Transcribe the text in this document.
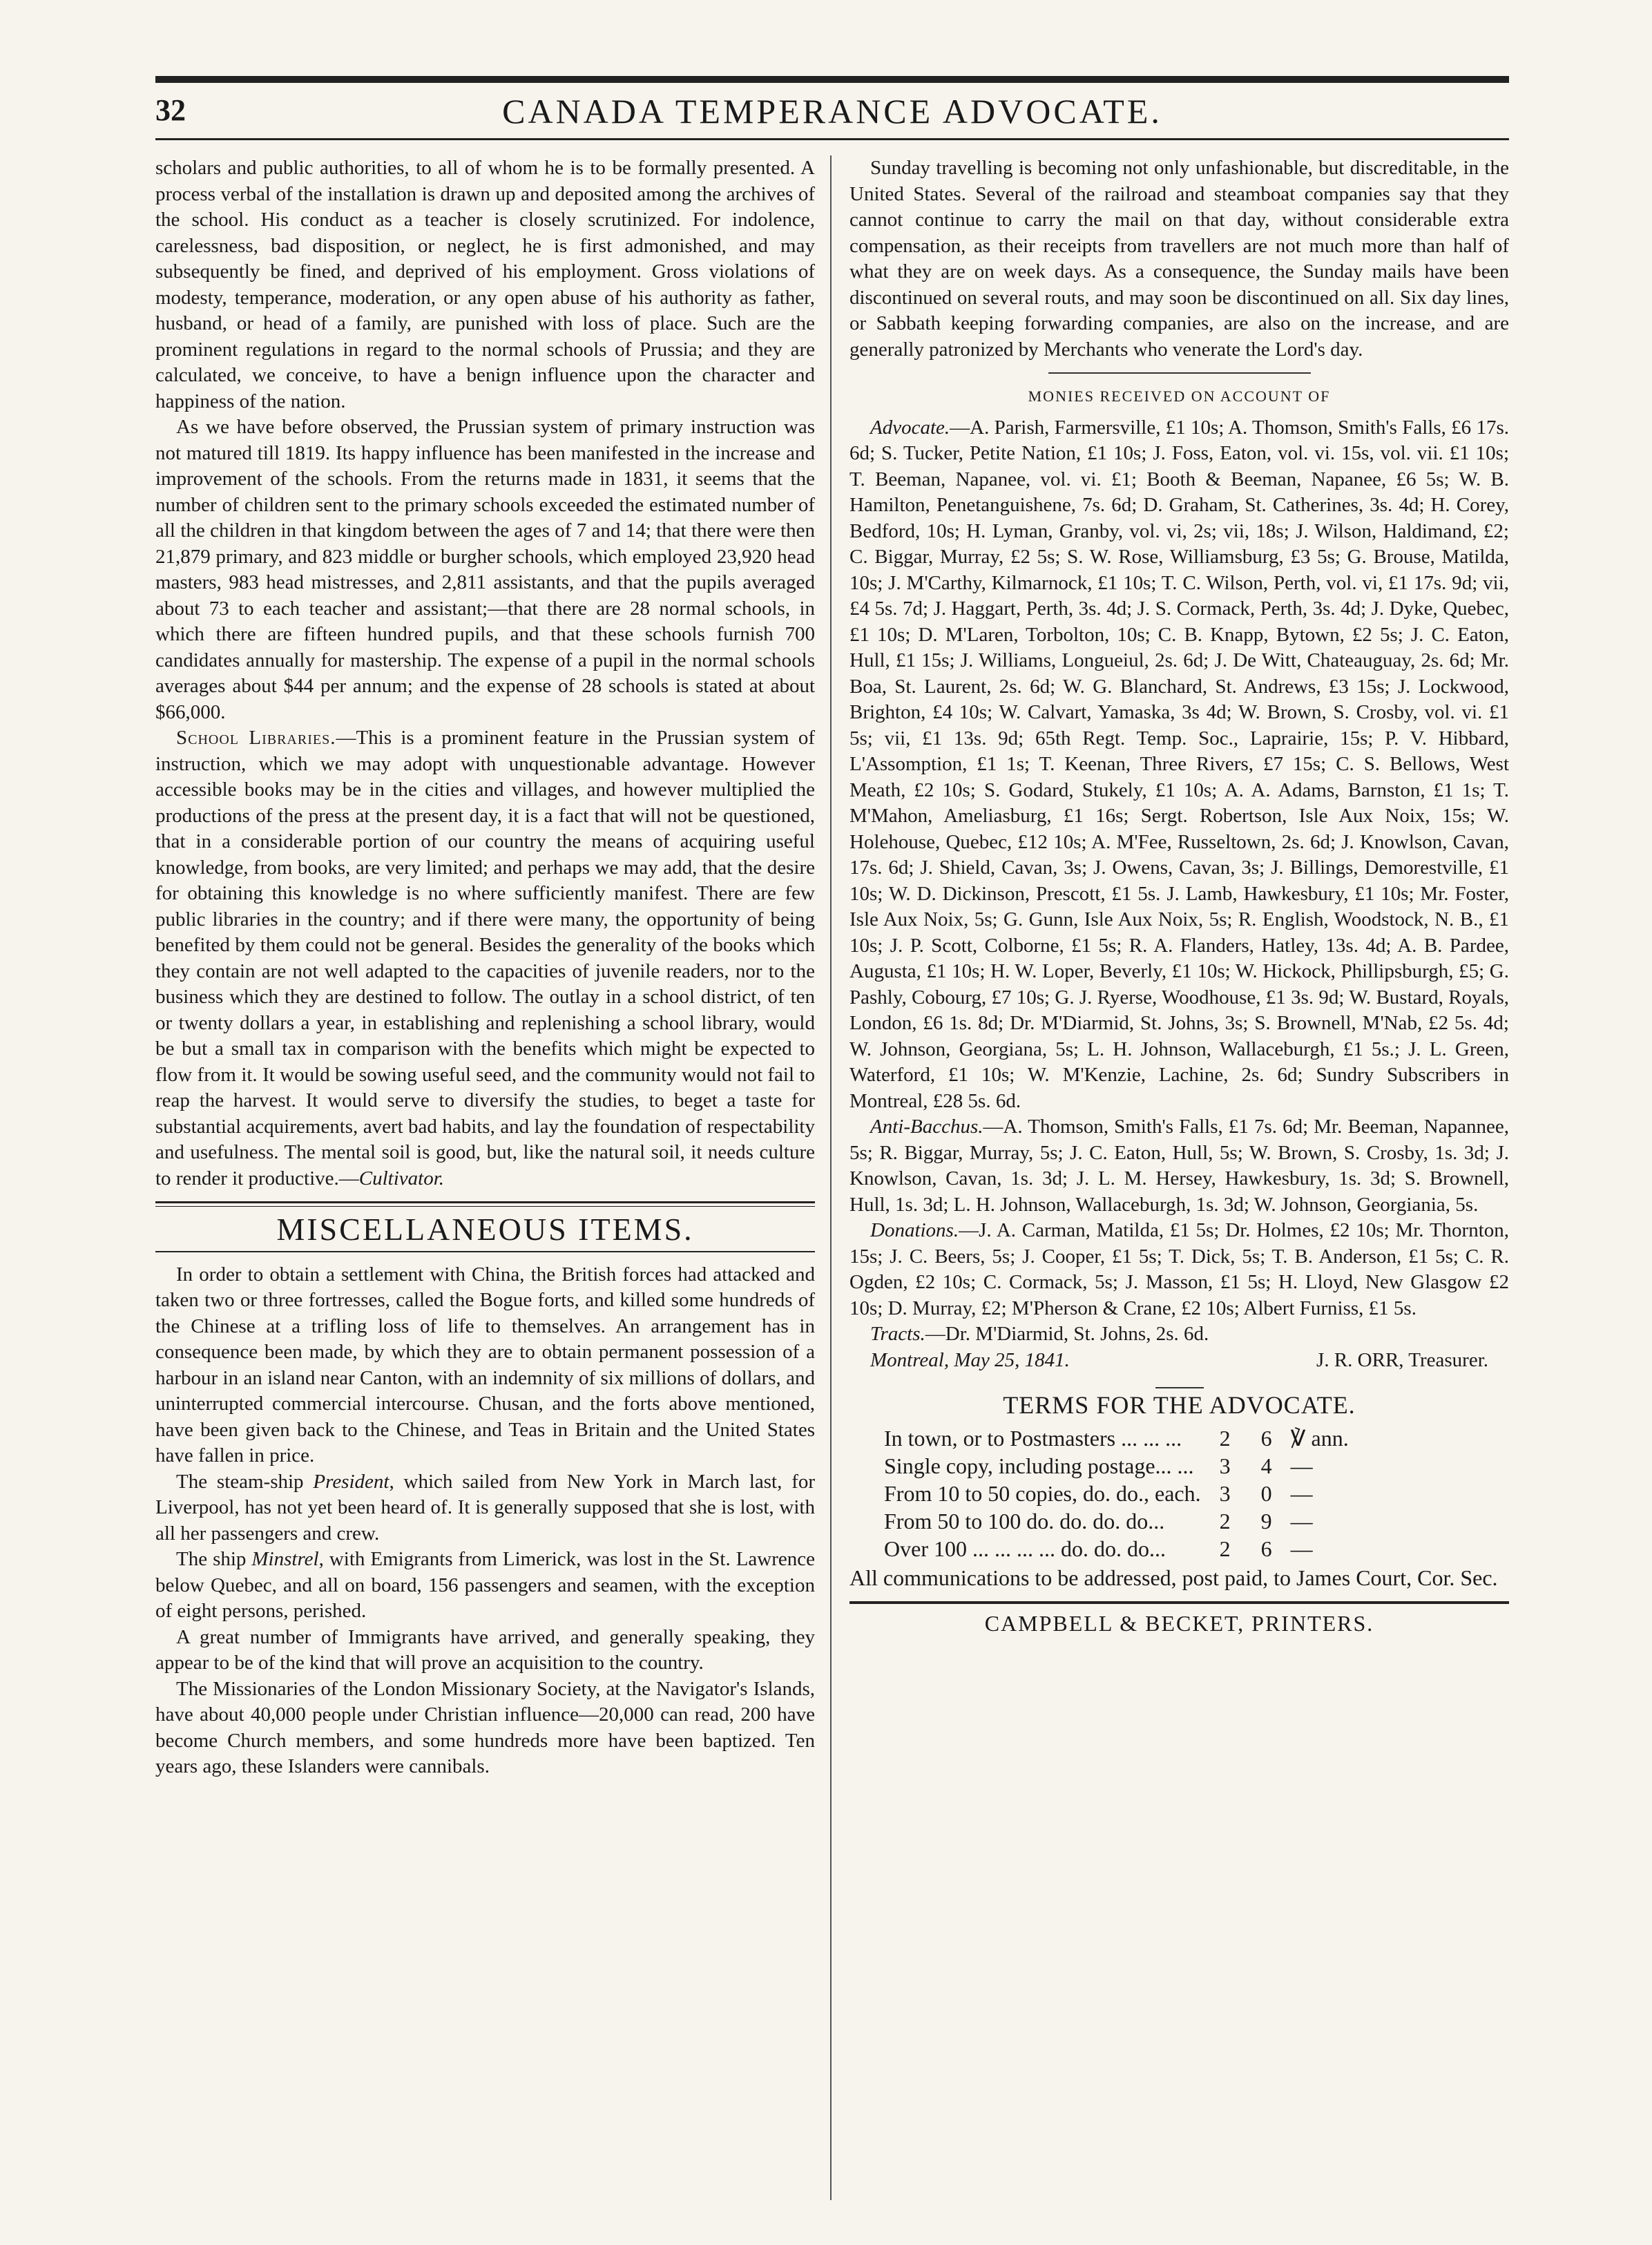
32	CANADA TEMPERANCE ADVOCATE.

scholars and public authorities, to all of whom he is to be formally presented. A process verbal of the installation is drawn up and deposited among the archives of the school. His conduct as a teacher is closely scrutinized. For indolence, carelessness, bad disposition, or neglect, he is first admonished, and may subsequently be fined, and deprived of his employment. Gross violations of modesty, temperance, moderation, or any open abuse of his authority as father, husband, or head of a family, are punished with loss of place. Such are the prominent regulations in regard to the normal schools of Prussia; and they are calculated, we conceive, to have a benign influence upon the character and happiness of the nation.

As we have before observed, the Prussian system of primary instruction was not matured till 1819. Its happy influence has been manifested in the increase and improvement of the schools. From the returns made in 1831, it seems that the number of children sent to the primary schools exceeded the estimated number of all the children in that kingdom between the ages of 7 and 14; that there were then 21,879 primary, and 823 middle or burgher schools, which employed 23,920 head masters, 983 head mistresses, and 2,811 assistants, and that the pupils averaged about 73 to each teacher and assistant;—that there are 28 normal schools, in which there are fifteen hundred pupils, and that these schools furnish 700 candidates annually for mastership. The expense of a pupil in the normal schools averages about $44 per annum; and the expense of 28 schools is stated at about $66,000.

School Libraries.—This is a prominent feature in the Prussian system of instruction, which we may adopt with unquestionable advantage. However accessible books may be in the cities and villages, and however multiplied the productions of the press at the present day, it is a fact that will not be questioned, that in a considerable portion of our country the means of acquiring useful knowledge, from books, are very limited; and perhaps we may add, that the desire for obtaining this knowledge is no where sufficiently manifest. There are few public libraries in the country; and if there were many, the opportunity of being benefited by them could not be general. Besides the generality of the books which they contain are not well adapted to the capacities of juvenile readers, nor to the business which they are destined to follow. The outlay in a school district, of ten or twenty dollars a year, in establishing and replenishing a school library, would be but a small tax in comparison with the benefits which might be expected to flow from it. It would be sowing useful seed, and the community would not fail to reap the harvest. It would serve to diversify the studies, to beget a taste for substantial acquirements, avert bad habits, and lay the foundation of respectability and usefulness. The mental soil is good, but, like the natural soil, it needs culture to render it productive.—Cultivator.

MISCELLANEOUS ITEMS.

In order to obtain a settlement with China, the British forces had attacked and taken two or three fortresses, called the Bogue forts, and killed some hundreds of the Chinese at a trifling loss of life to themselves. An arrangement has in consequence been made, by which they are to obtain permanent possession of a harbour in an island near Canton, with an indemnity of six millions of dollars, and uninterrupted commercial intercourse. Chusan, and the forts above mentioned, have been given back to the Chinese, and Teas in Britain and the United States have fallen in price.

The steam-ship President, which sailed from New York in March last, for Liverpool, has not yet been heard of. It is generally supposed that she is lost, with all her passengers and crew.

The ship Minstrel, with Emigrants from Limerick, was lost in the St. Lawrence below Quebec, and all on board, 156 passengers and seamen, with the exception of eight persons, perished.

A great number of Immigrants have arrived, and generally speaking, they appear to be of the kind that will prove an acquisition to the country.

The Missionaries of the London Missionary Society, at the Navigator's Islands, have about 40,000 people under Christian influence—20,000 can read, 200 have become Church members, and some hundreds more have been baptized. Ten years ago, these Islanders were cannibals.

Sunday travelling is becoming not only unfashionable, but discreditable, in the United States. Several of the railroad and steamboat companies say that they cannot continue to carry the mail on that day, without considerable extra compensation, as their receipts from travellers are not much more than half of what they are on week days. As a consequence, the Sunday mails have been discontinued on several routs, and may soon be discontinued on all. Six day lines, or Sabbath keeping forwarding companies, are also on the increase, and are generally patronized by Merchants who venerate the Lord's day.

MONIES RECEIVED ON ACCOUNT OF

Advocate.—A. Parish, Farmersville, £1 10s; A. Thomson, Smith's Falls, £6 17s. 6d; S. Tucker, Petite Nation, £1 10s; J. Foss, Eaton, vol. vi. 15s, vol. vii. £1 10s; T. Beeman, Napanee, vol. vi. £1; Booth & Beeman, Napanee, £6 5s; W. B. Hamilton, Penetanguishene, 7s. 6d; D. Graham, St. Catherines, 3s. 4d; H. Corey, Bedford, 10s; H. Lyman, Granby, vol. vi, 2s; vii, 18s; J. Wilson, Haldimand, £2; C. Biggar, Murray, £2 5s; S. W. Rose, Williamsburg, £3 5s; G. Brouse, Matilda, 10s; J. M'Carthy, Kilmarnock, £1 10s; T. C. Wilson, Perth, vol. vi, £1 17s. 9d; vii, £4 5s. 7d; J. Haggart, Perth, 3s. 4d; J. S. Cormack, Perth, 3s. 4d; J. Dyke, Quebec, £1 10s; D. M'Laren, Torbolton, 10s; C. B. Knapp, Bytown, £2 5s; J. C. Eaton, Hull, £1 15s; J. Williams, Longueiul, 2s. 6d; J. De Witt, Chateauguay, 2s. 6d; Mr. Boa, St. Laurent, 2s. 6d; W. G. Blanchard, St. Andrews, £3 15s; J. Lockwood, Brighton, £4 10s; W. Calvart, Yamaska, 3s 4d; W. Brown, S. Crosby, vol. vi. £1 5s; vii, £1 13s. 9d; 65th Regt. Temp. Soc., Laprairie, 15s; P. V. Hibbard, L'Assomption, £1 1s; T. Keenan, Three Rivers, £7 15s; C. S. Bellows, West Meath, £2 10s; S. Godard, Stukely, £1 10s; A. A. Adams, Barnston, £1 1s; T. M'Mahon, Ameliasburg, £1 16s; Sergt. Robertson, Isle Aux Noix, 15s; W. Holehouse, Quebec, £12 10s; A. M'Fee, Russeltown, 2s. 6d; J. Knowlson, Cavan, 17s. 6d; J. Shield, Cavan, 3s; J. Owens, Cavan, 3s; J. Billings, Demorestville, £1 10s; W. D. Dickinson, Prescott, £1 5s. J. Lamb, Hawkesbury, £1 10s; Mr. Foster, Isle Aux Noix, 5s; G. Gunn, Isle Aux Noix, 5s; R. English, Woodstock, N. B., £1 10s; J. P. Scott, Colborne, £1 5s; R. A. Flanders, Hatley, 13s. 4d; A. B. Pardee, Augusta, £1 10s; H. W. Loper, Beverly, £1 10s; W. Hickock, Phillipsburgh, £5; G. Pashly, Cobourg, £7 10s; G. J. Ryerse, Woodhouse, £1 3s. 9d; W. Bustard, Royals, London, £6 1s. 8d; Dr. M'Diarmid, St. Johns, 3s; S. Brownell, M'Nab, £2 5s. 4d; W. Johnson, Georgiana, 5s; L. H. Johnson, Wallaceburgh, £1 5s.; J. L. Green, Waterford, £1 10s; W. M'Kenzie, Lachine, 2s. 6d; Sundry Subscribers in Montreal, £28 5s. 6d.

Anti-Bacchus.—A. Thomson, Smith's Falls, £1 7s. 6d; Mr. Beeman, Napannee, 5s; R. Biggar, Murray, 5s; J. C. Eaton, Hull, 5s; W. Brown, S. Crosby, 1s. 3d; J. Knowlson, Cavan, 1s. 3d; J. L. M. Hersey, Hawkesbury, 1s. 3d; S. Brownell, Hull, 1s. 3d; L. H. Johnson, Wallaceburgh, 1s. 3d; W. Johnson, Georgiania, 5s.

Donations.—J. A. Carman, Matilda, £1 5s; Dr. Holmes, £2 10s; Mr. Thornton, 15s; J. C. Beers, 5s; J. Cooper, £1 5s; T. Dick, 5s; T. B. Anderson, £1 5s; C. R. Ogden, £2 10s; C. Cormack, 5s; J. Masson, £1 5s; H. Lloyd, New Glasgow £2 10s; D. Murray, £2; M'Pherson & Crane, £2 10s; Albert Furniss, £1 5s.

Tracts.—Dr. M'Diarmid, St. Johns, 2s. 6d.

Montreal, May 25, 1841.	J. R. ORR, Treasurer.
TERMS FOR THE ADVOCATE.
In town, or to Postmasters ... ... ...	2	6	℣ ann.
Single copy, including postage... ...	3	4	—
From 10 to 50 copies, do. do., each.	3	0	—
From 50 to 100 do. do. do. do...	2	9	—
Over 100 ... ... ... ... do. do. do...	2	6	—
All communications to be addressed, post paid, to James Court, Cor. Sec.
CAMPBELL & BECKET, PRINTERS.
